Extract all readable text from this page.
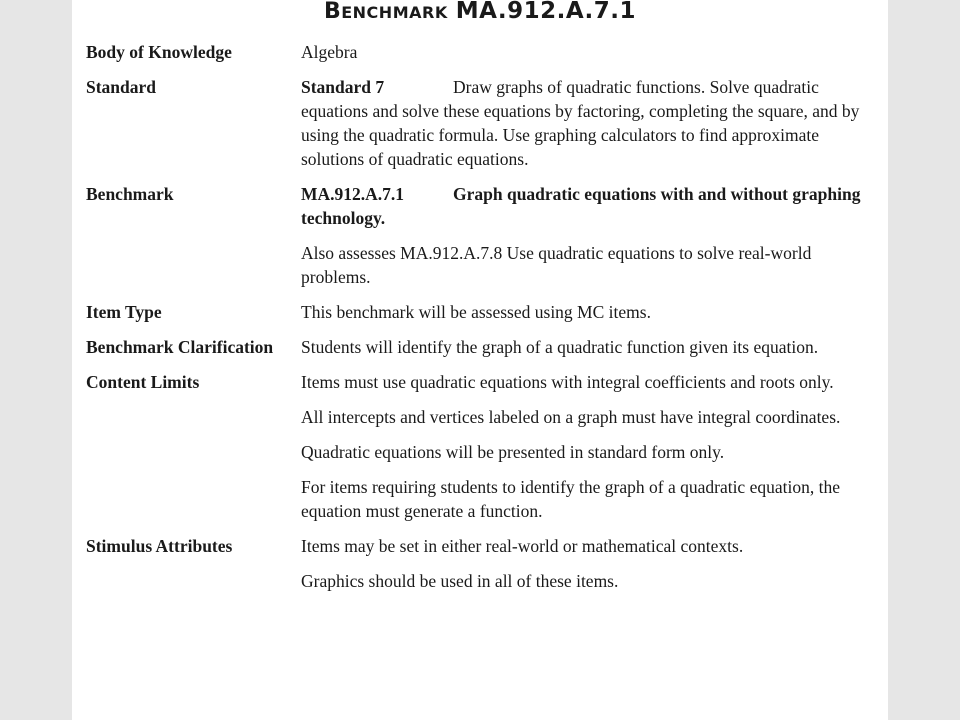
BENCHMARK MA.912.A.7.1
Body of Knowledge	Algebra
Standard	Standard 7	Draw graphs of quadratic functions. Solve quadratic equations and solve these equations by factoring, completing the square, and by using the quadratic formula. Use graphing calculators to find approximate solutions of quadratic equations.
Benchmark	MA.912.A.7.1	Graph quadratic equations with and without graphing technology.

Also assesses MA.912.A.7.8 Use quadratic equations to solve real-world problems.

Item Type	This benchmark will be assessed using MC items.
Benchmark Clarification	Students will identify the graph of a quadratic function given its equation.
Content Limits	Items must use quadratic equations with integral coefficients and roots only.

All intercepts and vertices labeled on a graph must have integral coordinates.

Quadratic equations will be presented in standard form only.

For items requiring students to identify the graph of a quadratic equation, the equation must generate a function.

Stimulus Attributes	Items may be set in either real-world or mathematical contexts.

Graphics should be used in all of these items.
